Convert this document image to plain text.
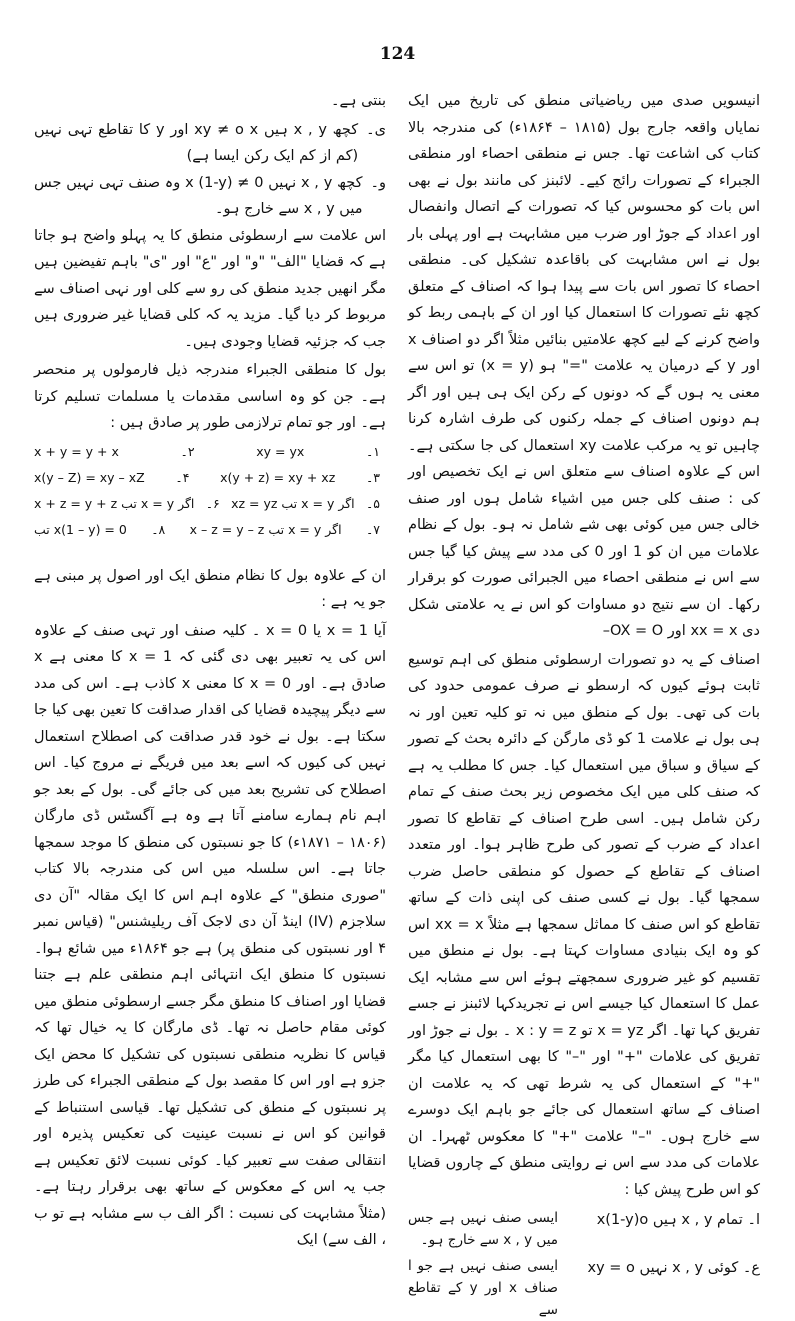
124

انیسویں صدی میں ریاضیاتی منطق کی تاریخ میں ایک نمایاں واقعہ جارج بول (۱۸۱۵ – ۱۸۶۴ء) کی مندرجہ بالا کتاب کی اشاعت تھا۔ جس نے منطقی احصاء اور منطقی الجبراء کے تصورات رائج کیے۔ لائبنز کی مانند بول نے بھی اس بات کو محسوس کیا کہ تصورات کے اتصال وانفصال اور اعداد کے جوڑ اور ضرب میں مشابہت ہے اور پہلی بار بول نے اس مشابہت کی باقاعدہ تشکیل کی۔ منطقی احصاء کا تصور اس بات سے پیدا ہوا کہ اصناف کے متعلق کچھ نئے تصورات کا استعمال کیا اور ان کے باہمی ربط کو واضح کرنے کے لیے کچھ علامتیں بنائیں مثلاً اگر دو اصناف x اور y کے درمیان یہ علامت "=" ہو (x = y) تو اس سے معنی یہ ہوں گے کہ دونوں کے رکن ایک ہی ہیں اور اگر ہم دونوں اصناف کے جملہ رکنوں کی طرف اشارہ کرنا چاہیں تو یہ مرکب علامت xy استعمال کی جا سکتی ہے۔ اس کے علاوہ اصناف سے متعلق اس نے ایک تخصیص اور کی : صنف کلی جس میں اشیاء شامل ہوں اور صنف خالی جس میں کوئی بھی شے شامل نہ ہو۔ بول کے نظام علامات میں ان کو 1 اور 0 کی مدد سے پیش کیا گیا جس سے اس نے منطقی احصاء میں الجبرائی صورت کو برقرار رکھا۔ ان سے نتیج دو مساوات کو اس نے یہ علامتی شکل دی xx = x اور OX = O–

اصناف کے یہ دو تصورات ارسطوئی منطق کی اہم توسیع ثابت ہوئے کیوں کہ ارسطو نے صرف عمومی حدود کی بات کی تھی۔ بول کے منطق میں نہ تو کلیہ تعین اور نہ ہی بول نے علامت 1 کو ڈی مارگن کے دائرہ بحث کے تصور کے سیاق و سباق میں استعمال کیا۔ جس کا مطلب یہ ہے کہ صنف کلی میں ایک مخصوص زیر بحث صنف کے تمام رکن شامل ہیں۔ اسی طرح اصناف کے تقاطع کا تصور اعداد کے ضرب کے تصور کی طرح ظاہر ہوا۔ اور متعدد اصناف کے تقاطع کے حصول کو منطقی حاصل ضرب سمجھا گیا۔ بول نے کسی صنف کی اپنی ذات کے ساتھ تقاطع کو اس صنف کا مماثل سمجھا ہے مثلاً xx = x اس کو وہ ایک بنیادی مساوات کہتا ہے۔ بول نے منطق میں تقسیم کو غیر ضروری سمجھتے ہوئے اس سے مشابہ ایک عمل کا استعمال کیا جیسے اس نے تجریدکہا لائبنز نے جسے تفریق کہا تھا۔ اگر x = yz تو x : y = z ۔ بول نے جوڑ اور تفریق کی علامات "+" اور "–" کا بھی استعمال کیا مگر "+" کے استعمال کی یہ شرط تھی کہ یہ علامت ان اصناف کے ساتھ استعمال کی جائے جو باہم ایک دوسرے سے خارج ہوں۔ "–" علامت "+" کا معکوس ٹھہرا۔ ان علامات کی مدد سے اس نے روایتی منطق کے چاروں قضایا کو اس طرح پیش کیا :

ا۔ تمام x , y ہیں x(1-y)o
ایسی صنف نہیں ہے جس میں x , y سے خارج ہو۔
ع۔ کوئی x , y نہیں xy = o
ایسی صنف نہیں ہے جو ا صناف x اور y کے تقاطع سے

بنتی ہے۔

ی۔
کچھ x , y ہیں xy ≠ o x اور y کا تقاطع تہی نہیں (کم از کم ایک رکن ایسا ہے)
و۔
کچھ x , y نہیں x (1-y) ≠ 0 وہ صنف تہی نہیں جس میں x , y سے خارج ہو۔

اس علامت سے ارسطوئی منطق کا یہ پہلو واضح ہو جاتا ہے کہ قضایا "الف" "و" اور "ع" اور "ی" باہم تفیضین ہیں مگر انھیں جدید منطق کی رو سے کلی اور نہی اصناف سے مربوط کر دیا گیا۔ مزید یہ کہ کلی قضایا غیر ضروری ہیں جب کہ جزئیہ قضایا وجودی ہیں۔

بول کا منطقی الجبراء مندرجہ ذیل فارمولوں پر منحصر ہے۔ جن کو وہ اساسی مقدمات یا مسلمات تسلیم کرتا ہے۔ اور جو تمام ترلازمی طور پر صادق ہیں :

۱۔
xy = yx
۲۔
x + y = y + x
۳۔
x(y + z) = xy + xz
۴۔
x(y – Z) = xy – xZ
۵۔
اگر x = y تب xz = yz
۶۔
اگر x = y تب x + z = y + z
۷۔
اگر x = y تب x – z = y – z
۸۔
x(1 – y) = 0 تب

ان کے علاوہ بول کا نظام منطق ایک اور اصول پر مبنی ہے جو یہ ہے :

آیا x = 1 یا x = 0 ۔ کلیہ صنف اور تہی صنف کے علاوہ اس کی یہ تعبیر بھی دی گئی کہ x = 1 کا معنی ہے x صادق ہے۔ اور x = 0 کا معنی x کاذب ہے۔ اس کی مدد سے دیگر پیچیدہ قضایا کی اقدار صداقت کا تعین بھی کیا جا سکتا ہے۔ بول نے خود قدر صداقت کی اصطلاح استعمال نہیں کی کیوں کہ اسے بعد میں فریگے نے مروج کیا۔ اس اصطلاح کی تشریح بعد میں کی جائے گی۔ بول کے بعد جو اہم نام ہمارے سامنے آتا ہے وہ ہے آگسٹس ڈی مارگان (۱۸۰۶ – ۱۸۷۱ء) کا جو نسبتوں کی منطق کا موجد سمجھا جاتا ہے۔ اس سلسلہ میں اس کی مندرجہ بالا کتاب "صوری منطق" کے علاوہ اہم اس کا ایک مقالہ "آن دی سلاجزم (IV) اینڈ آن دی لاجک آف ریلیشنس" (قیاس نمبر ۴ اور نسبتوں کی منطق پر) ہے جو ۱۸۶۴ء میں شائع ہوا۔ نسبتوں کا منطق ایک انتہائی اہم منطقی علم ہے جتنا قضایا اور اصناف کا منطق مگر جسے ارسطوئی منطق میں کوئی مقام حاصل نہ تھا۔ ڈی مارگان کا یہ خیال تھا کہ قیاس کا نظریہ منطقی نسبتوں کی تشکیل کا محض ایک جزو ہے اور اس کا مقصد بول کے منطقی الجبراء کی طرز پر نسبتوں کے منطق کی تشکیل تھا۔ قیاسی استنباط کے قوانین کو اس نے نسبت عینیت کی تعکیس پذیرہ اور انتقالی صفت سے تعبیر کیا۔ کوئی نسبت لائق تعکیس ہے جب یہ اس کے معکوس کے ساتھ بھی برقرار رہتا ہے۔ (مثلاً مشابہت کی نسبت : اگر الف ب سے مشابہ ہے تو ب ، الف سے) ایک
